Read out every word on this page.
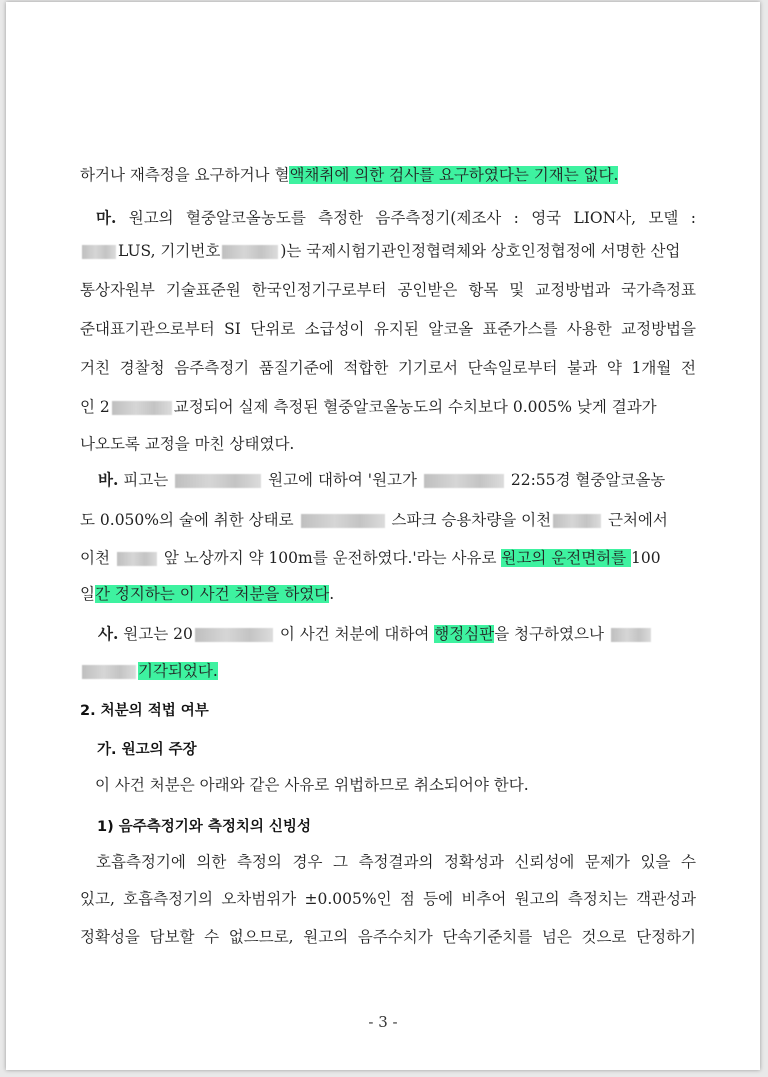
하거나 재측정을 요구하거나 혈액채취에 의한 검사를 요구하였다는 기재는 없다.
마. 원고의 혈중알코올농도를 측정한 음주측정기(제조사 : 영국 LION사, 모델 :
LUS, 기기번호	)는 국제시험기관인정협력체와 상호인정협정에 서명한 산업
통상자원부 기술표준원 한국인정기구로부터 공인받은 항목 및 교정방법과 국가측정표
준대표기관으로부터 SI 단위로 소급성이 유지된 알코올 표준가스를 사용한 교정방법을
거친 경찰청 음주측정기 품질기준에 적합한 기기로서 단속일로부터 불과 약 1개월 전
인 2	교정되어 실제 측정된 혈중알코올농도의 수치보다 0.005% 낮게 결과가
나오도록 교정을 마친 상태였다.
바. 피고는	원고에 대하여 '원고가	22:55경 혈중알코올농
도 0.050%의 술에 취한 상태로	스파크 승용차량을 이천	근처에서
이천	앞 노상까지 약 100m를 운전하였다.'라는 사유로 원고의 운전면허를 100
일간 정지하는 이 사건 처분을 하였다.
사. 원고는 20	이 사건 처분에 대하여 행정심판을 청구하였으나
기각되었다.
2. 처분의 적법 여부
가. 원고의 주장
이 사건 처분은 아래와 같은 사유로 위법하므로 취소되어야 한다.
1) 음주측정기와 측정치의 신빙성
호흡측정기에 의한 측정의 경우 그 측정결과의 정확성과 신뢰성에 문제가 있을 수
있고, 호흡측정기의 오차범위가 ±0.005%인 점 등에 비추어 원고의 측정치는 객관성과
정확성을 담보할 수 없으므로, 원고의 음주수치가 단속기준치를 넘은 것으로 단정하기
- 3 -
